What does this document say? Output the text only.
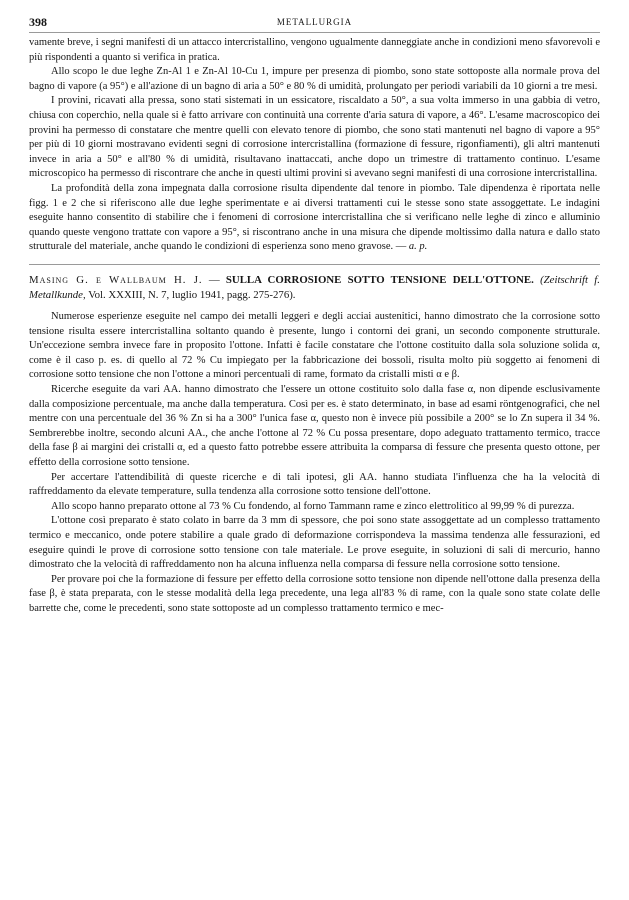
398	METALLURGIA

vamente breve, i segni manifesti di un attacco intercristallino, vengono ugualmente danneggiate anche in condizioni meno sfavorevoli e più rispondenti a quanto si verifica in pratica.

Allo scopo le due leghe Zn-Al 1 e Zn-Al 10-Cu 1, impure per presenza di piombo, sono state sottoposte alla normale prova del bagno di vapore (a 95°) e all'azione di un bagno di aria a 50° e 80 % di umidità, prolungato per periodi variabili da 10 giorni a tre mesi.

I provini, ricavati alla pressa, sono stati sistemati in un essicatore, riscaldato a 50°, a sua volta immerso in una gabbia di vetro, chiusa con coperchio, nella quale si è fatto arrivare con continuità una corrente d'aria satura di vapore, a 46°. L'esame macroscopico dei provini ha permesso di constatare che mentre quelli con elevato tenore di piombo, che sono stati mantenuti nel bagno di vapore a 95° per più di 10 giorni mostravano evidenti segni di corrosione intercristallina (formazione di fessure, rigonfiamenti), gli altri mantenuti invece in aria a 50° e all'80 % di umidità, risultavano inattaccati, anche dopo un trimestre di trattamento continuo. L'esame microscopico ha permesso di riscontrare che anche in questi ultimi provini si avevano segni manifesti di una corrosione intercristallina.

La profondità della zona impegnata dalla corrosione risulta dipendente dal tenore in piombo. Tale dipendenza è riportata nelle figg. 1 e 2 che si riferiscono alle due leghe sperimentate e ai diversi trattamenti cui le stesse sono state assoggettate. Le indagini eseguite hanno consentito di stabilire che i fenomeni di corrosione intercristallina che si verificano nelle leghe di zinco e alluminio quando queste vengono trattate con vapore a 95°, si riscontrano anche in una misura che dipende moltissimo dalla natura e dallo stato strutturale del materiale, anche quando le condizioni di esperienza sono meno gravose. — a. p.

Masing G. e Wallbaum H. J. — SULLA CORROSIONE SOTTO TENSIONE DELL'OTTONE. (Zeitschrift f. Metallkunde, Vol. XXXIII, N. 7, luglio 1941, pagg. 275-276).

Numerose esperienze eseguite nel campo dei metalli leggeri e degli acciai austenitici, hanno dimostrato che la corrosione sotto tensione risulta essere intercristallina soltanto quando è presente, lungo i contorni dei grani, un secondo componente strutturale. Un'eccezione sembra invece fare in proposito l'ottone. Infatti è facile constatare che l'ottone costituito dalla sola soluzione solida α, come è il caso p. es. di quello al 72 % Cu impiegato per la fabbricazione dei bossoli, risulta molto più soggetto ai fenomeni di corrosione sotto tensione che non l'ottone a minori percentuali di rame, formato da cristalli misti α e β.

Ricerche eseguite da vari AA. hanno dimostrato che l'essere un ottone costituito solo dalla fase α, non dipende esclusivamente dalla composizione percentuale, ma anche dalla temperatura. Così per es. è stato determinato, in base ad esami röntgenografici, che nel mentre con una percentuale del 36 % Zn si ha a 300° l'unica fase α, questo non è invece più possibile a 200° se lo Zn supera il 34 %. Sembrerebbe inoltre, secondo alcuni AA., che anche l'ottone al 72 % Cu possa presentare, dopo adeguato trattamento termico, tracce della fase β ai margini dei cristalli α, ed a questo fatto potrebbe essere attribuita la comparsa di fessure che presenta questo ottone, per effetto della corrosione sotto tensione.

Per accertare l'attendibilità di queste ricerche e di tali ipotesi, gli AA. hanno studiata l'influenza che ha la velocità di raffreddamento da elevate temperature, sulla tendenza alla corrosione sotto tensione dell'ottone.

Allo scopo hanno preparato ottone al 73 % Cu fondendo, al forno Tammann rame e zinco elettrolitico al 99,99 % di purezza.

L'ottone così preparato è stato colato in barre da 3 mm di spessore, che poi sono state assoggettate ad un complesso trattamento termico e meccanico, onde potere stabilire a quale grado di deformazione corrispondeva la massima tendenza alle fessurazioni, ed eseguire quindi le prove di corrosione sotto tensione con tale materiale. Le prove eseguite, in soluzioni di sali di mercurio, hanno dimostrato che la velocità di raffreddamento non ha alcuna influenza nella comparsa di fessure nella corrosione sotto tensione.

Per provare poi che la formazione di fessure per effetto della corrosione sotto tensione non dipende nell'ottone dalla presenza della fase β, è stata preparata, con le stesse modalità della lega precedente, una lega all'83 % di rame, con la quale sono state colate delle barrette che, come le precedenti, sono state sottoposte ad un complesso trattamento termico e mec-
